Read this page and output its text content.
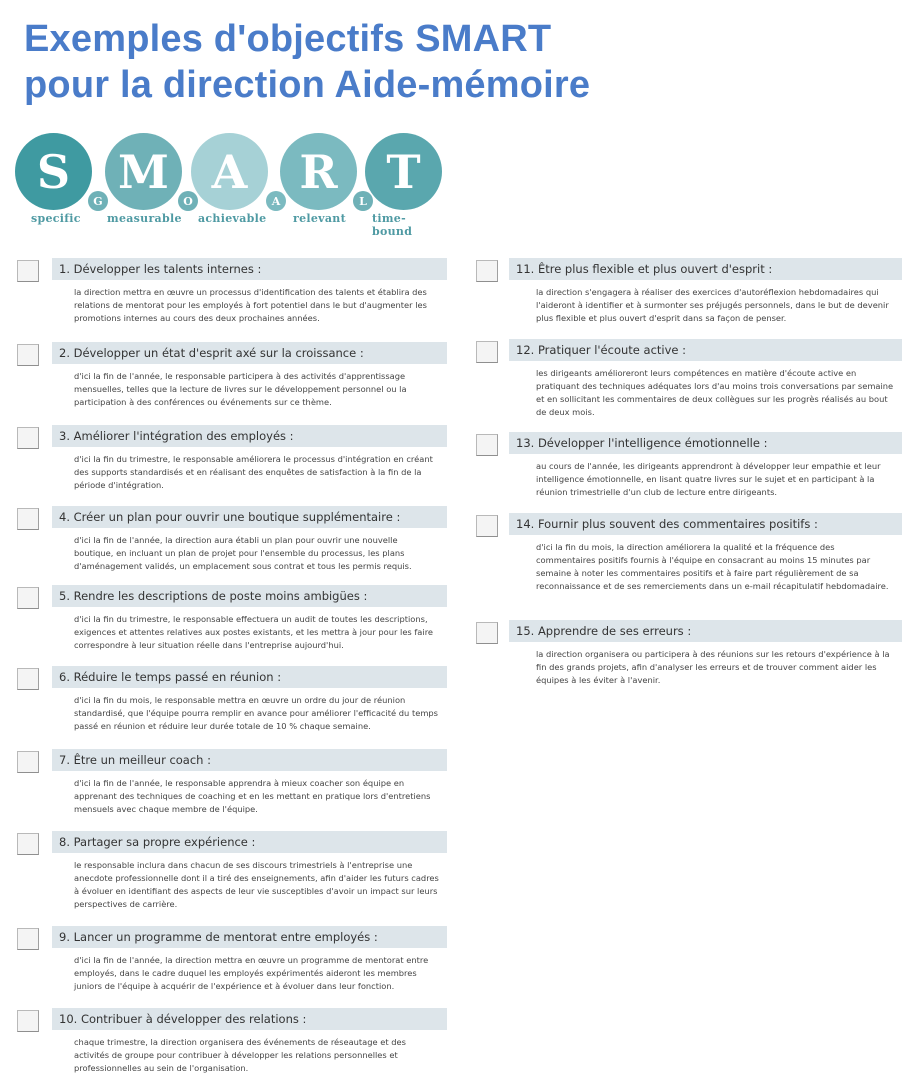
Exemples d'objectifs SMART
pour la direction Aide-mémoire
S
G
M
O
A
A
R
L
T
specific measurable achievable relevant time-bound
1. Développer les talents internes :
la direction mettra en œuvre un processus d'identification des talents et établira des relations de mentorat pour les employés à fort potentiel dans le but d'augmenter les promotions internes au cours des deux prochaines années.
2. Développer un état d'esprit axé sur la croissance :
d'ici la fin de l'année, le responsable participera à des activités d'apprentissage mensuelles, telles que la lecture de livres sur le développement personnel ou la participation à des conférences ou événements sur ce thème.
3. Améliorer l'intégration des employés :
d'ici la fin du trimestre, le responsable améliorera le processus d'intégration en créant des supports standardisés et en réalisant des enquêtes de satisfaction à la fin de la période d'intégration.
4. Créer un plan pour ouvrir une boutique supplémentaire :
d'ici la fin de l'année, la direction aura établi un plan pour ouvrir une nouvelle boutique, en incluant un plan de projet pour l'ensemble du processus, les plans d'aménagement validés, un emplacement sous contrat et tous les permis requis.
5. Rendre les descriptions de poste moins ambigües :
d'ici la fin du trimestre, le responsable effectuera un audit de toutes les descriptions, exigences et attentes relatives aux postes existants, et les mettra à jour pour les faire correspondre à leur situation réelle dans l'entreprise aujourd'hui.
6. Réduire le temps passé en réunion :
d'ici la fin du mois, le responsable mettra en œuvre un ordre du jour de réunion standardisé, que l'équipe pourra remplir en avance pour améliorer l'efficacité du temps passé en réunion et réduire leur durée totale de 10 % chaque semaine.
7. Être un meilleur coach :
d'ici la fin de l'année, le responsable apprendra à mieux coacher son équipe en apprenant des techniques de coaching et en les mettant en pratique lors d'entretiens mensuels avec chaque membre de l'équipe.
8. Partager sa propre expérience :
le responsable inclura dans chacun de ses discours trimestriels à l'entreprise une anecdote professionnelle dont il a tiré des enseignements, afin d'aider les futurs cadres à évoluer en identifiant des aspects de leur vie susceptibles d'avoir un impact sur leurs perspectives de carrière.
9. Lancer un programme de mentorat entre employés :
d'ici la fin de l'année, la direction mettra en œuvre un programme de mentorat entre employés, dans le cadre duquel les employés expérimentés aideront les membres juniors de l'équipe à acquérir de l'expérience et à évoluer dans leur fonction.
10. Contribuer à développer des relations :
chaque trimestre, la direction organisera des événements de réseautage et des activités de groupe pour contribuer à développer les relations personnelles et professionnelles au sein de l'organisation.
11. Être plus flexible et plus ouvert d'esprit :
la direction s'engagera à réaliser des exercices d'autoréflexion hebdomadaires qui l'aideront à identifier et à surmonter ses préjugés personnels, dans le but de devenir plus flexible et plus ouvert d'esprit dans sa façon de penser.
12. Pratiquer l'écoute active :
les dirigeants amélioreront leurs compétences en matière d'écoute active en pratiquant des techniques adéquates lors d'au moins trois conversations par semaine et en sollicitant les commentaires de deux collègues sur les progrès réalisés au bout de deux mois.
13. Développer l'intelligence émotionnelle :
au cours de l'année, les dirigeants apprendront à développer leur empathie et leur intelligence émotionnelle, en lisant quatre livres sur le sujet et en participant à la réunion trimestrielle d'un club de lecture entre dirigeants.
14. Fournir plus souvent des commentaires positifs :
d'ici la fin du mois, la direction améliorera la qualité et la fréquence des commentaires positifs fournis à l'équipe en consacrant au moins 15 minutes par semaine à noter les commentaires positifs et à faire part régulièrement de sa reconnaissance et de ses remerciements dans un e-mail récapitulatif hebdomadaire.
15. Apprendre de ses erreurs :
la direction organisera ou participera à des réunions sur les retours d'expérience à la fin des grands projets, afin d'analyser les erreurs et de trouver comment aider les équipes à les éviter à l'avenir.
